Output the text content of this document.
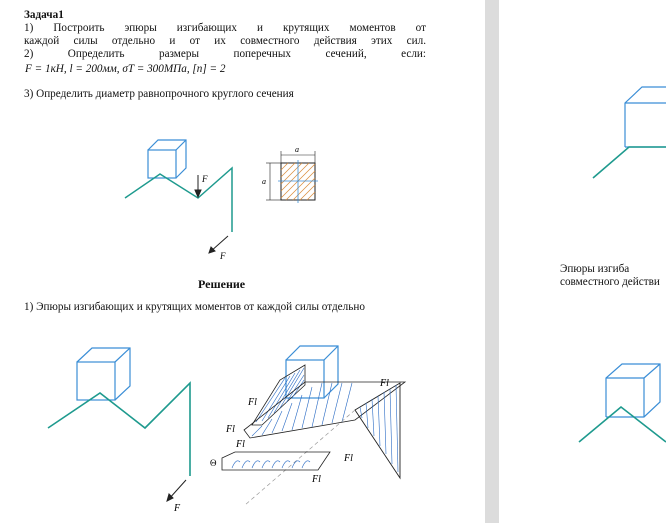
Задача1
1) Построить эпюры изгибающих и крутящих моментов от
каждой силы отдельно и от их совместного действия этих сил.
2) Определить размеры поперечных сечений, если:
F = 1кН, l = 200мм, σT = 300МПа, [n] = 2
3) Определить диаметр равнопрочного круглого сечения
F
F
a
a
Решение
1) Эпюры изгибающих и крутящих моментов от каждой силы отдельно
F
Θ
Fl
Fl
Fl
Fl
Fl
Fl
Эпюры изгиба
совместного действи
